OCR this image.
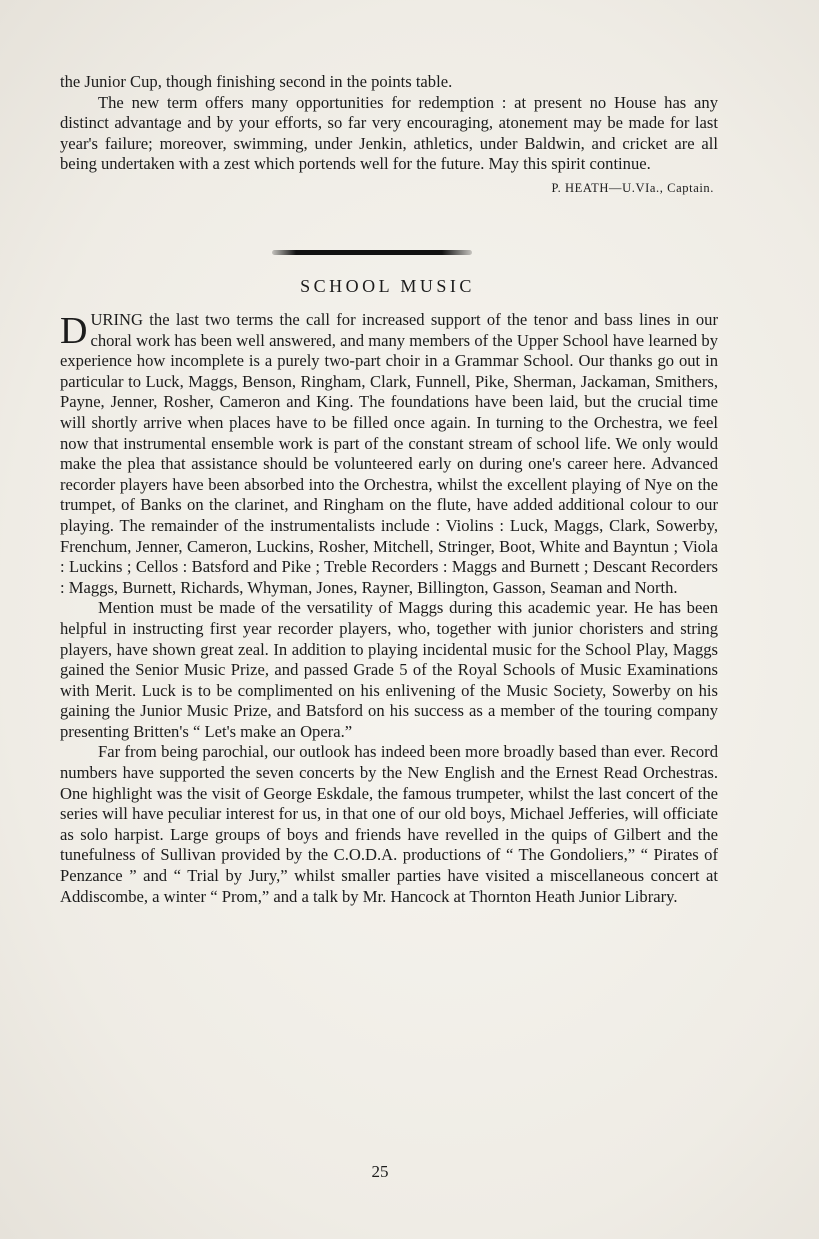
the Junior Cup, though finishing second in the points table.

The new term offers many opportunities for redemption : at present no House has any distinct advantage and by your efforts, so far very encouraging, atonement may be made for last year's failure; moreover, swimming, under Jenkin, athletics, under Baldwin, and cricket are all being undertaken with a zest which portends well for the future. May this spirit continue.

P. HEATH—U.VIa., Captain.

SCHOOL MUSIC

DURING the last two terms the call for increased support of the tenor and bass lines in our choral work has been well answered, and many members of the Upper School have learned by experience how incomplete is a purely two-part choir in a Grammar School. Our thanks go out in particular to Luck, Maggs, Benson, Ringham, Clark, Funnell, Pike, Sherman, Jackaman, Smithers, Payne, Jenner, Rosher, Cameron and King. The foundations have been laid, but the crucial time will shortly arrive when places have to be filled once again. In turning to the Orchestra, we feel now that instrumental ensemble work is part of the constant stream of school life. We only would make the plea that assistance should be volunteered early on during one's career here. Advanced recorder players have been absorbed into the Orchestra, whilst the excellent playing of Nye on the trumpet, of Banks on the clarinet, and Ringham on the flute, have added additional colour to our playing. The remainder of the instrumentalists include : Violins : Luck, Maggs, Clark, Sowerby, Frenchum, Jenner, Cameron, Luckins, Rosher, Mitchell, Stringer, Boot, White and Bayntun ; Viola : Luckins ; Cellos : Batsford and Pike ; Treble Recorders : Maggs and Burnett ; Descant Recorders : Maggs, Burnett, Richards, Whyman, Jones, Rayner, Billington, Gasson, Seaman and North.

Mention must be made of the versatility of Maggs during this academic year. He has been helpful in instructing first year recorder players, who, together with junior choristers and string players, have shown great zeal. In addition to playing incidental music for the School Play, Maggs gained the Senior Music Prize, and passed Grade 5 of the Royal Schools of Music Examinations with Merit. Luck is to be complimented on his enlivening of the Music Society, Sowerby on his gaining the Junior Music Prize, and Batsford on his success as a member of the touring company presenting Britten's “ Let's make an Opera.”

Far from being parochial, our outlook has indeed been more broadly based than ever. Record numbers have supported the seven concerts by the New English and the Ernest Read Orchestras. One highlight was the visit of George Eskdale, the famous trumpeter, whilst the last concert of the series will have peculiar interest for us, in that one of our old boys, Michael Jefferies, will officiate as solo harpist. Large groups of boys and friends have revelled in the quips of Gilbert and the tunefulness of Sullivan provided by the C.O.D.A. productions of “ The Gondoliers,” “ Pirates of Penzance ” and “ Trial by Jury,” whilst smaller parties have visited a miscellaneous concert at Addiscombe, a winter “ Prom,” and a talk by Mr. Hancock at Thornton Heath Junior Library.

25
